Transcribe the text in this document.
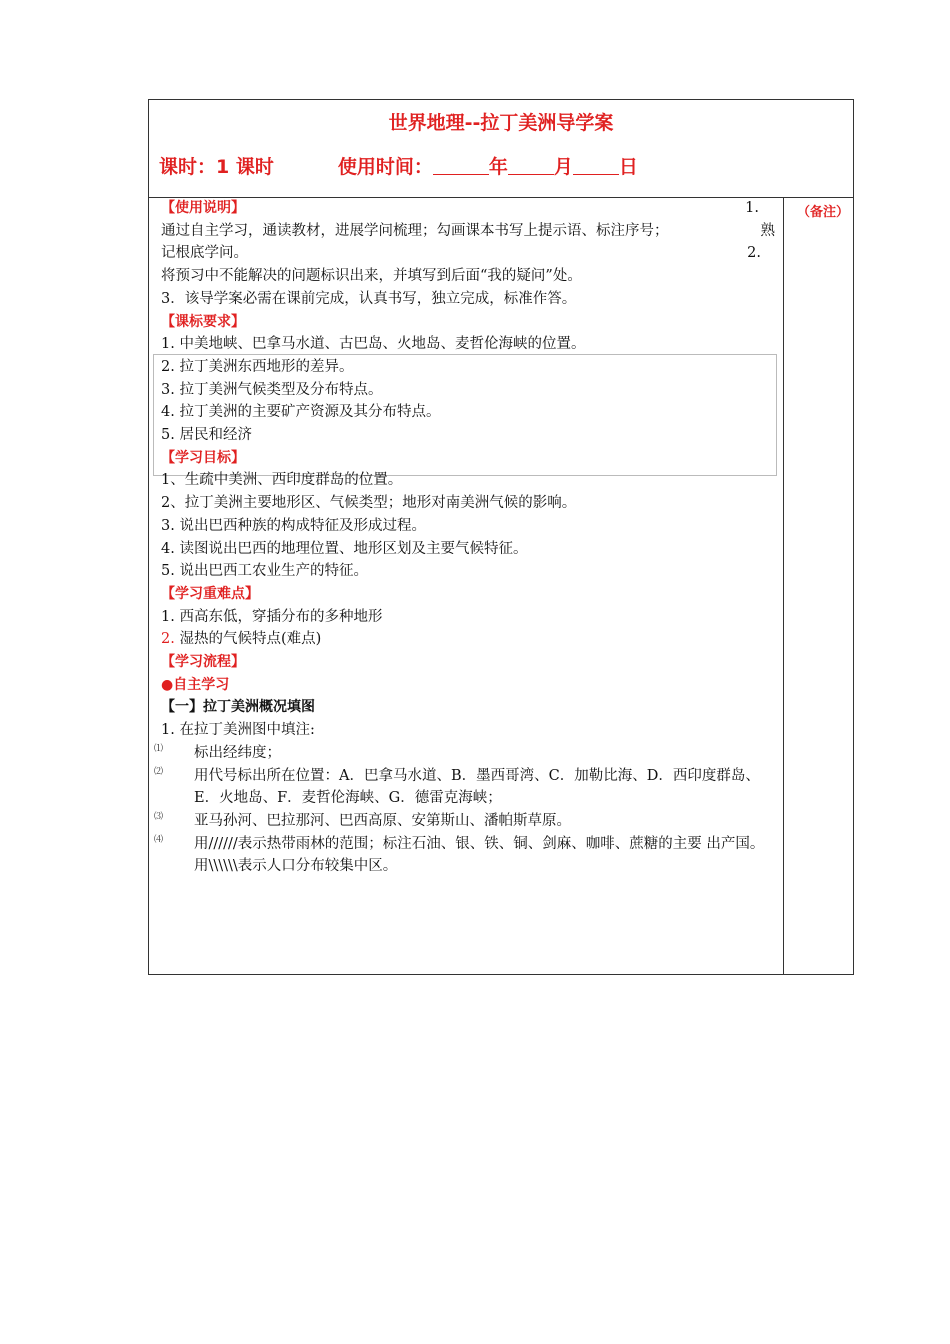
世界地理--拉丁美洲导学案
课时：1 课时	使用时间：	年 月 日
（备注）

【使用说明】	1.

通过自主学习，通读教材，进展学问梳理；勾画课本书写上提示语、标注序号；	熟

记根底学问。	2.

将预习中不能解决的问题标识出来，并填写到后面“我的疑问”处。

3．该导学案必需在课前完成，认真书写，独立完成，标准作答。

【课标要求】

1. 中美地峡、巴拿马水道、古巴岛、火地岛、麦哲伦海峡的位置。

2. 拉丁美洲东西地形的差异。

3. 拉丁美洲气候类型及分布特点。

4. 拉丁美洲的主要矿产资源及其分布特点。

5. 居民和经济

【学习目标】

1、生疏中美洲、西印度群岛的位置。

2、拉丁美洲主要地形区、气候类型；地形对南美洲气候的影响。

3. 说出巴西种族的构成特征及形成过程。

4. 读图说出巴西的地理位置、地形区划及主要气候特征。

5. 说出巴西工农业生产的特征。

【学习重难点】

1. 西高东低，穿插分布的多种地形

2. 湿热的气候特点(难点)

【学习流程】

●自主学习

【一】拉丁美洲概况填图

1. 在拉丁美洲图中填注:

⑴ 标出经纬度；

⑵ 用代号标出所在位置：A．巴拿马水道、B．墨西哥湾、C．加勒比海、D．西印度群岛、E．火地岛、F．麦哲伦海峡、G．德雷克海峡；

⑶ 亚马孙河、巴拉那河、巴西高原、安第斯山、潘帕斯草原。

⑷ 用//////表示热带雨林的范围；标注石油、银、铁、铜、剑麻、咖啡、蔗糖的主要 出产国。用\\\\\\表示人口分布较集中区。
